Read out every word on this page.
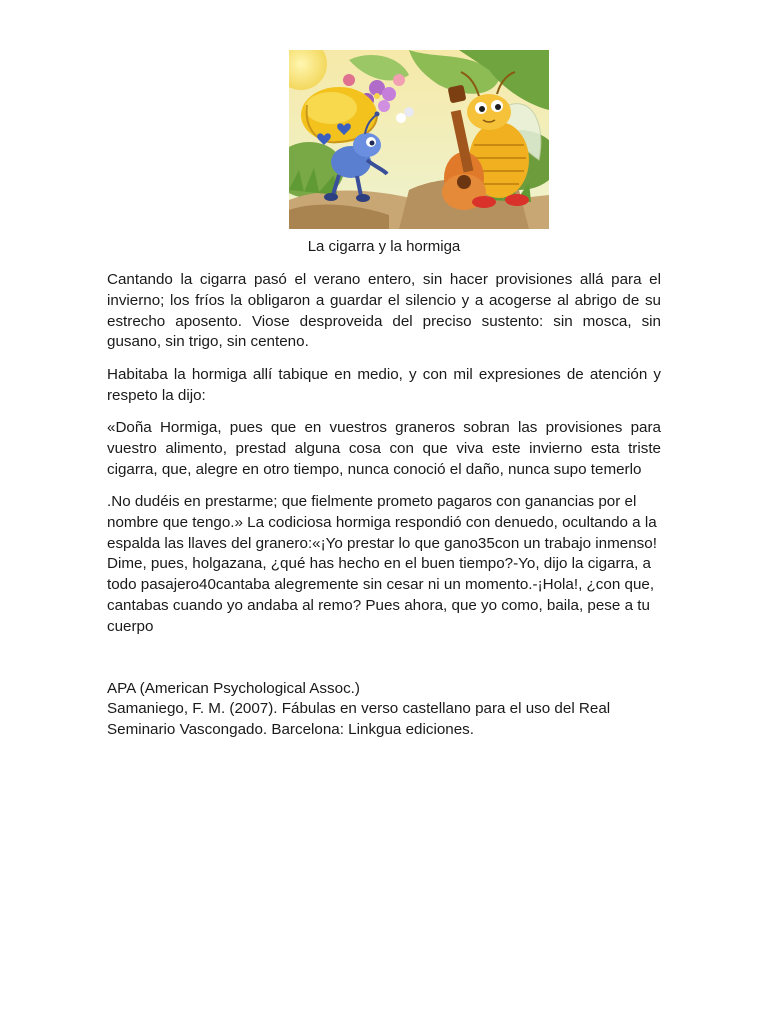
La cigarra y la hormiga

Cantando la cigarra pasó el verano entero, sin hacer provisiones allá para el invierno; los fríos la obligaron a guardar el silencio y a acogerse al abrigo de su estrecho aposento. Viose desproveida del preciso sustento: sin mosca, sin gusano, sin trigo, sin centeno.

Habitaba la hormiga allí tabique en medio, y con mil expresiones de atención y respeto la dijo:

«Doña Hormiga, pues que en vuestros graneros sobran las provisiones para vuestro alimento, prestad alguna cosa con que viva este invierno esta triste cigarra, que, alegre en otro tiempo, nunca conoció el daño, nunca supo temerlo

.No dudéis en prestarme; que fielmente prometo pagaros con ganancias por el nombre que tengo.» La codiciosa hormiga respondió con denuedo, ocultando a la espalda las llaves del granero:«¡Yo prestar lo que gano35con un trabajo inmenso! Dime, pues, holgazana, ¿qué has hecho en el buen tiempo?-Yo, dijo la cigarra, a todo pasajero40cantaba alegremente sin cesar ni un momento.-¡Hola!, ¿con que, cantabas cuando yo andaba al remo? Pues ahora, que yo como, baila, pese a tu cuerpo

APA (American Psychological Assoc.)

Samaniego, F. M. (2007). Fábulas en verso castellano para el uso del Real Seminario Vascongado. Barcelona: Linkgua ediciones.
